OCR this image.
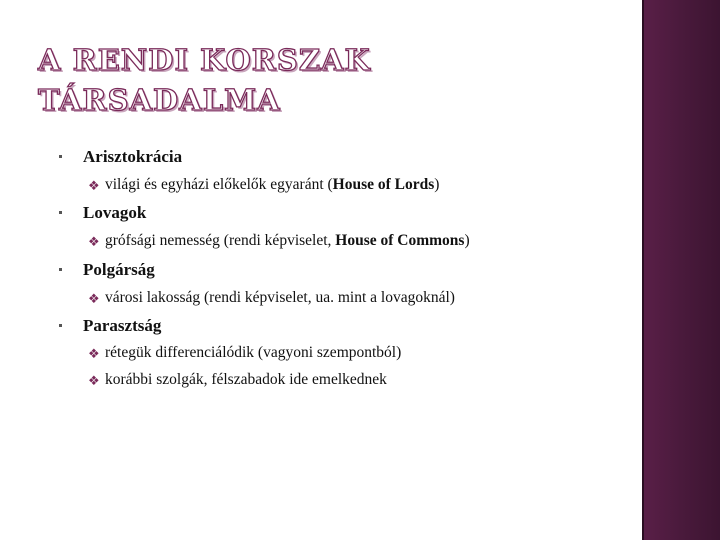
A RENDI KORSZAK
TÁRSADALMA
Arisztokrácia
❖ világi és egyházi előkelők egyaránt (House of Lords)
Lovagok
❖ grófsági nemesség (rendi képviselet, House of Commons)
Polgárság
❖ városi lakosság (rendi képviselet, ua. mint a lovagoknál)
Parasztság
❖ rétegük differenciálódik (vagyoni szempontból)
❖ korábbi szolgák, félszabadok ide emelkednek
